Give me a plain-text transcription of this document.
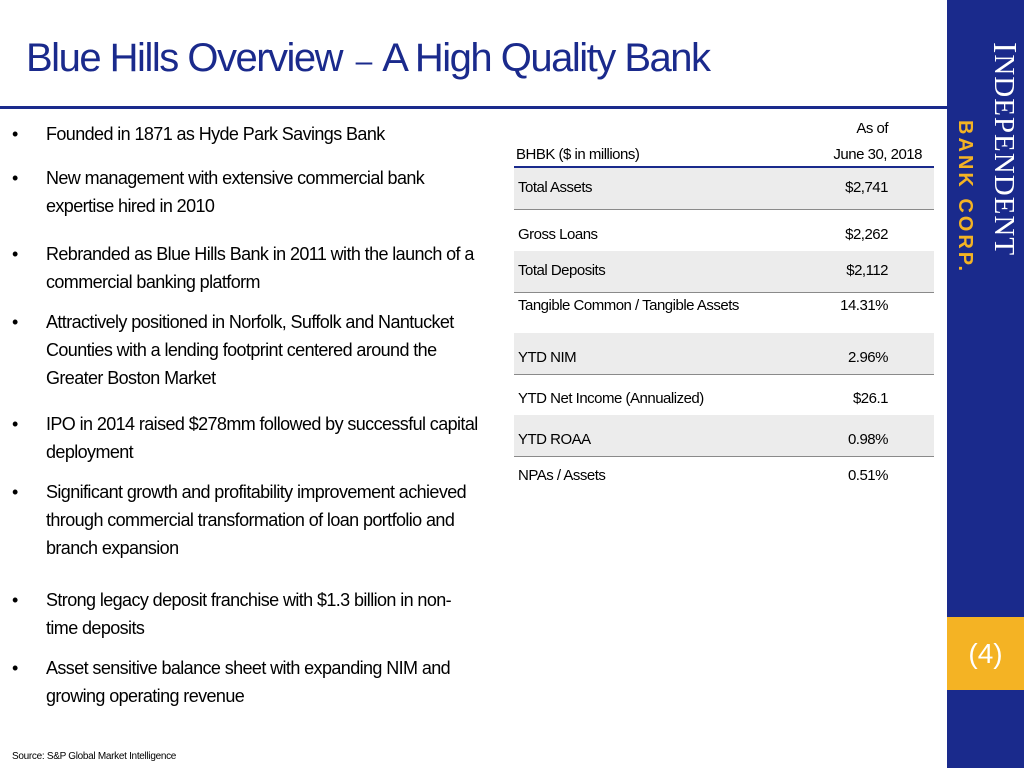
Blue Hills Overview – A High Quality Bank	INDEPENDENT
BANK CORP.
(4)
•	Founded in 1871 as Hyde Park Savings Bank
•	New management with extensive commercial bank expertise hired in 2010
•	Rebranded as Blue Hills Bank in 2011 with the launch of a commercial banking platform
•	Attractively positioned in Norfolk, Suffolk and Nantucket Counties with a lending footprint centered around the Greater Boston Market
•	IPO in 2014 raised $278mm followed by successful capital deployment
•	Significant growth and profitability improvement achieved through commercial transformation of loan portfolio and branch expansion
•	Strong legacy deposit franchise with $1.3 billion in non-time deposits
•	Asset sensitive balance sheet with expanding NIM and growing operating revenue
As of
BHBK ($ in millions)	June 30, 2018
Total Assets	$2,741
Gross Loans	$2,262
Total Deposits	$2,112
Tangible Common / Tangible Assets	14.31%
YTD NIM	2.96%
YTD Net Income (Annualized)	$26.1
YTD ROAA	0.98%
NPAs / Assets	0.51%
Source: S&P Global Market Intelligence
